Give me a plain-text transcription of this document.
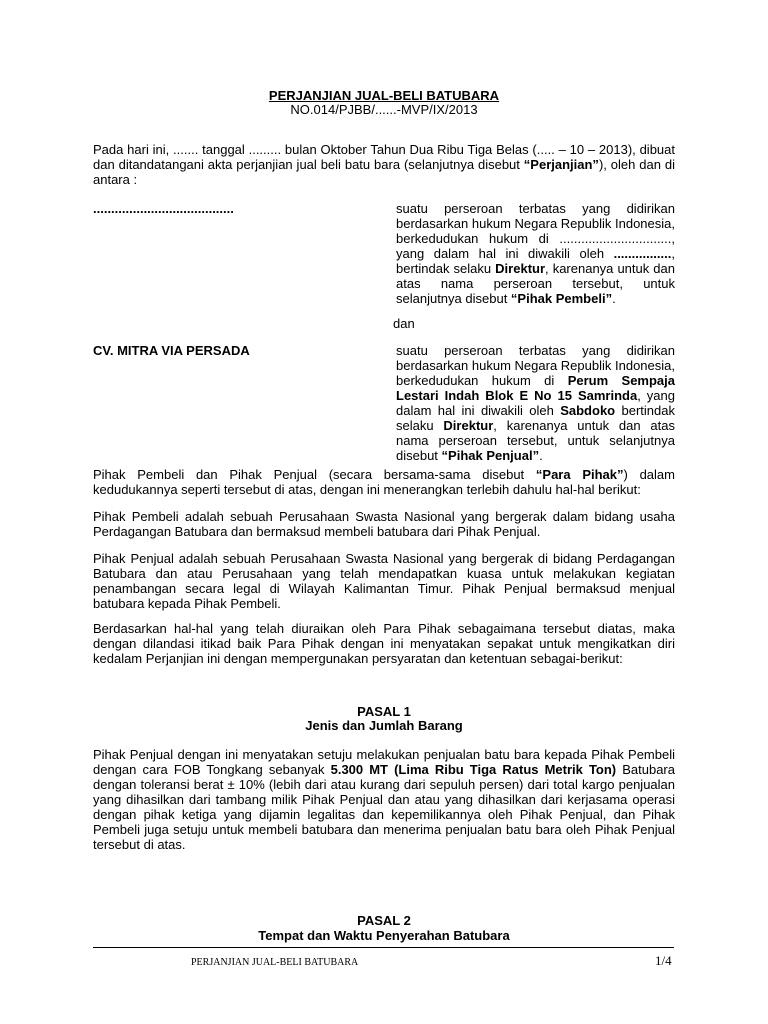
PERJANJIAN JUAL-BELI BATUBARA
NO.014/PJBB/......-MVP/IX/2013
Pada hari ini, ....... tanggal ......... bulan Oktober Tahun Dua Ribu Tiga Belas (..... – 10 – 2013), dibuat dan ditandatangani akta perjanjian jual beli batu bara (selanjutnya disebut “Perjanjian”), oleh dan di antara :
.......................................	suatu perseroan terbatas yang didirikan berdasarkan hukum Negara Republik Indonesia, berkedudukan hukum di ..............................., yang dalam hal ini diwakili oleh ................, bertindak selaku Direktur, karenanya untuk dan atas nama perseroan tersebut, untuk selanjutnya disebut “Pihak Pembeli”.
dan
CV. MITRA VIA PERSADA	suatu perseroan terbatas yang didirikan berdasarkan hukum Negara Republik Indonesia, berkedudukan hukum di Perum Sempaja Lestari Indah Blok E No 15 Samrinda, yang dalam hal ini diwakili oleh Sabdoko bertindak selaku Direktur, karenanya untuk dan atas nama perseroan tersebut, untuk selanjutnya disebut “Pihak Penjual”.
Pihak Pembeli dan Pihak Penjual (secara bersama-sama disebut “Para Pihak”) dalam kedudukannya seperti tersebut di atas, dengan ini menerangkan terlebih dahulu hal-hal berikut:
Pihak Pembeli adalah sebuah Perusahaan Swasta Nasional yang bergerak dalam bidang usaha Perdagangan Batubara dan bermaksud membeli batubara dari Pihak Penjual.
Pihak Penjual adalah sebuah Perusahaan Swasta Nasional yang bergerak di bidang Perdagangan Batubara dan atau Perusahaan yang telah mendapatkan kuasa untuk melakukan kegiatan penambangan secara legal di Wilayah Kalimantan Timur. Pihak Penjual bermaksud menjual batubara kepada Pihak Pembeli.
Berdasarkan hal-hal yang telah diuraikan oleh Para Pihak sebagaimana tersebut diatas, maka dengan dilandasi itikad baik Para Pihak dengan ini menyatakan sepakat untuk mengikatkan diri kedalam Perjanjian ini dengan mempergunakan persyaratan dan ketentuan sebagai-berikut:
PASAL 1
Jenis dan Jumlah Barang
Pihak Penjual dengan ini menyatakan setuju melakukan penjualan batu bara kepada Pihak Pembeli dengan cara FOB Tongkang sebanyak 5.300 MT (Lima Ribu Tiga Ratus Metrik Ton) Batubara dengan toleransi berat ± 10% (lebih dari atau kurang dari sepuluh persen) dari total kargo penjualan yang dihasilkan dari tambang milik Pihak Penjual dan atau yang dihasilkan dari kerjasama operasi dengan pihak ketiga yang dijamin legalitas dan kepemilikannya oleh Pihak Penjual, dan Pihak Pembeli juga setuju untuk membeli batubara dan menerima penjualan batu bara oleh Pihak Penjual tersebut di atas.
PASAL 2
Tempat dan Waktu Penyerahan Batubara
PERJANJIAN JUAL-BELI BATUBARA	1/4
